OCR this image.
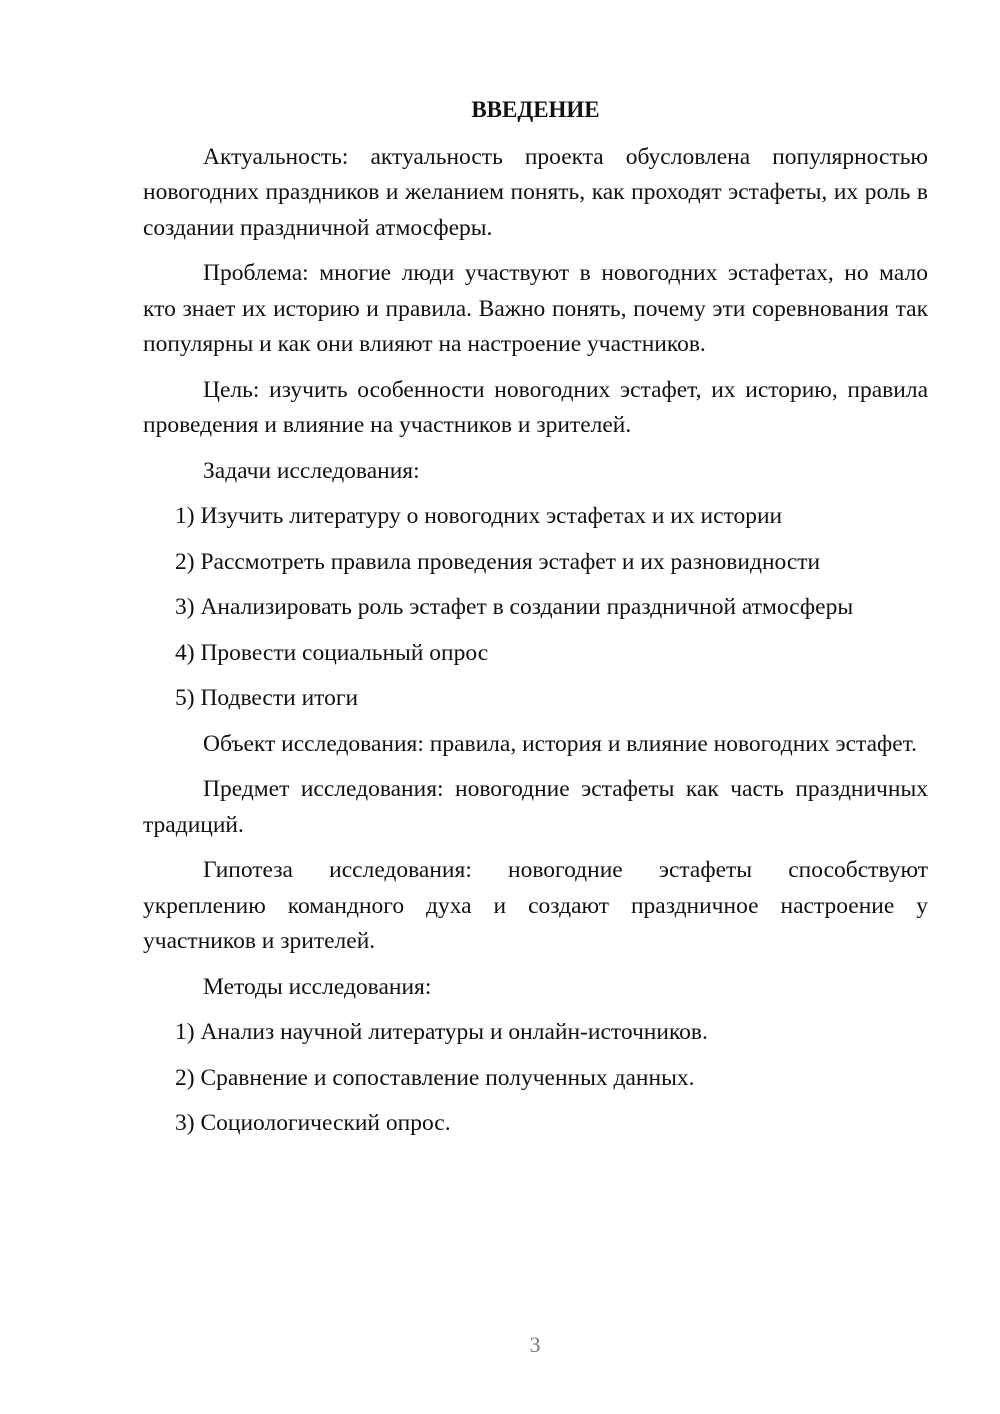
ВВЕДЕНИЕ

Актуальность: актуальность проекта обусловлена популярностью новогодних праздников и желанием понять, как проходят эстафеты, их роль в создании праздничной атмосферы.

Проблема: многие люди участвуют в новогодних эстафетах, но мало кто знает их историю и правила. Важно понять, почему эти соревнования так популярны и как они влияют на настроение участников.

Цель: изучить особенности новогодних эстафет, их историю, правила проведения и влияние на участников и зрителей.

Задачи исследования:

1) Изучить литературу о новогодних эстафетах и их истории

2) Рассмотреть правила проведения эстафет и их разновидности

3) Анализировать роль эстафет в создании праздничной атмосферы

4) Провести социальный опрос

5) Подвести итоги

Объект исследования: правила, история и влияние новогодних эстафет.

Предмет исследования: новогодние эстафеты как часть праздничных традиций.

Гипотеза исследования: новогодние эстафеты способствуют укреплению командного духа и создают праздничное настроение у участников и зрителей.

Методы исследования:

1) Анализ научной литературы и онлайн-источников.

2) Сравнение и сопоставление полученных данных.

3) Социологический опрос.

3
